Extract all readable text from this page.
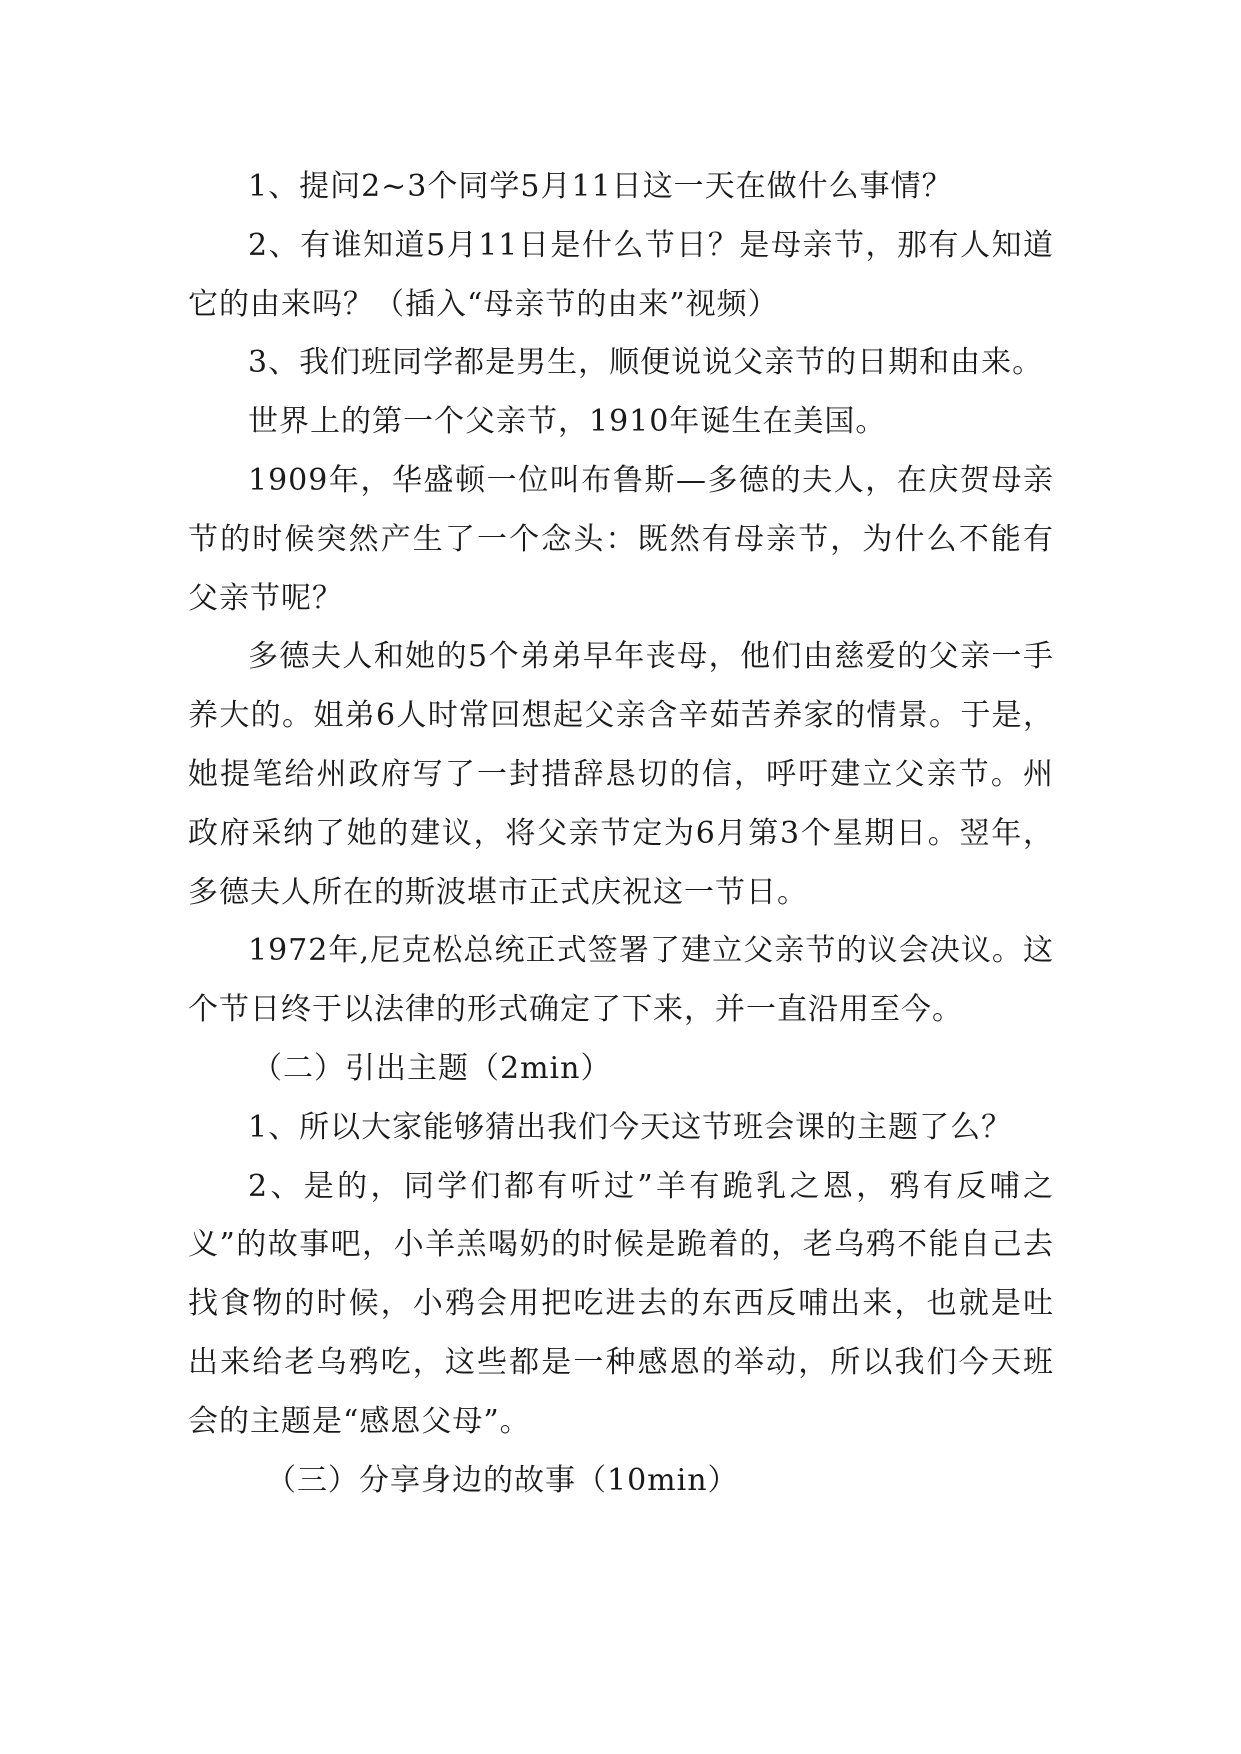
1、提问2~3个同学5月11日这一天在做什么事情？

2、有谁知道5月11日是什么节日？是母亲节，那有人知道它的由来吗？（插入“母亲节的由来”视频）

3、我们班同学都是男生，顺便说说父亲节的日期和由来。

世界上的第一个父亲节，1910年诞生在美国。

1909年，华盛顿一位叫布鲁斯—多德的夫人，在庆贺母亲节的时候突然产生了一个念头：既然有母亲节，为什么不能有父亲节呢？

多德夫人和她的5个弟弟早年丧母，他们由慈爱的父亲一手养大的。姐弟6人时常回想起父亲含辛茹苦养家的情景。于是，她提笔给州政府写了一封措辞恳切的信，呼吁建立父亲节。州政府采纳了她的建议，将父亲节定为6月第3个星期日。翌年，多德夫人所在的斯波堪市正式庆祝这一节日。

1972年,尼克松总统正式签署了建立父亲节的议会决议。这个节日终于以法律的形式确定了下来，并一直沿用至今。

（二）引出主题（2min）

1、所以大家能够猜出我们今天这节班会课的主题了么？

2、是的，同学们都有听过”羊有跪乳之恩，鸦有反哺之义”的故事吧，小羊羔喝奶的时候是跪着的，老乌鸦不能自己去找食物的时候，小鸦会用把吃进去的东西反哺出来，也就是吐出来给老乌鸦吃，这些都是一种感恩的举动，所以我们今天班会的主题是“感恩父母”。

（三）分享身边的故事（10min）
